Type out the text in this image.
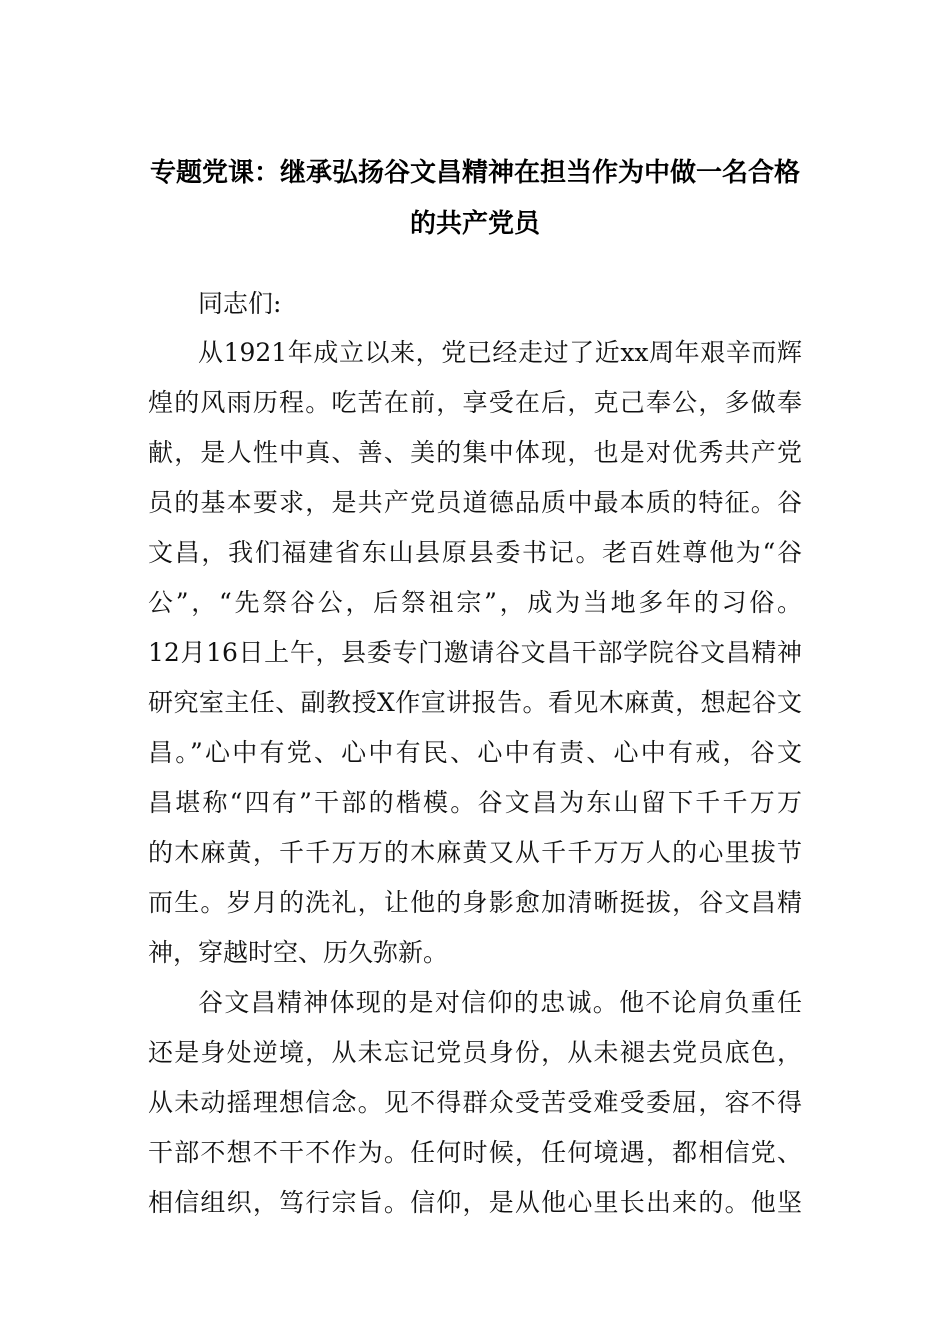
专题党课：继承弘扬谷文昌精神在担当作为中做一名合格
的共产党员
同志们:
从1921年成立以来，党已经走过了近xx周年艰辛而辉
煌的风雨历程。吃苦在前，享受在后，克己奉公，多做奉
献，是人性中真、善、美的集中体现，也是对优秀共产党
员的基本要求，是共产党员道德品质中最本质的特征。谷
文昌，我们福建省东山县原县委书记。老百姓尊他为“谷
公”，“先祭谷公，后祭祖宗”，成为当地多年的习俗。
12月16日上午，县委专门邀请谷文昌干部学院谷文昌精神
研究室主任、副教授X作宣讲报告。看见木麻黄，想起谷文
昌。”心中有党、心中有民、心中有责、心中有戒，谷文
昌堪称“四有”干部的楷模。谷文昌为东山留下千千万万
的木麻黄，千千万万的木麻黄又从千千万万人的心里拔节
而生。岁月的洗礼，让他的身影愈加清晰挺拔，谷文昌精
神，穿越时空、历久弥新。
谷文昌精神体现的是对信仰的忠诚。他不论肩负重任
还是身处逆境，从未忘记党员身份，从未褪去党员底色，
从未动摇理想信念。见不得群众受苦受难受委屈，容不得
干部不想不干不作为。任何时候，任何境遇，都相信党、
相信组织，笃行宗旨。信仰，是从他心里长出来的。他坚
